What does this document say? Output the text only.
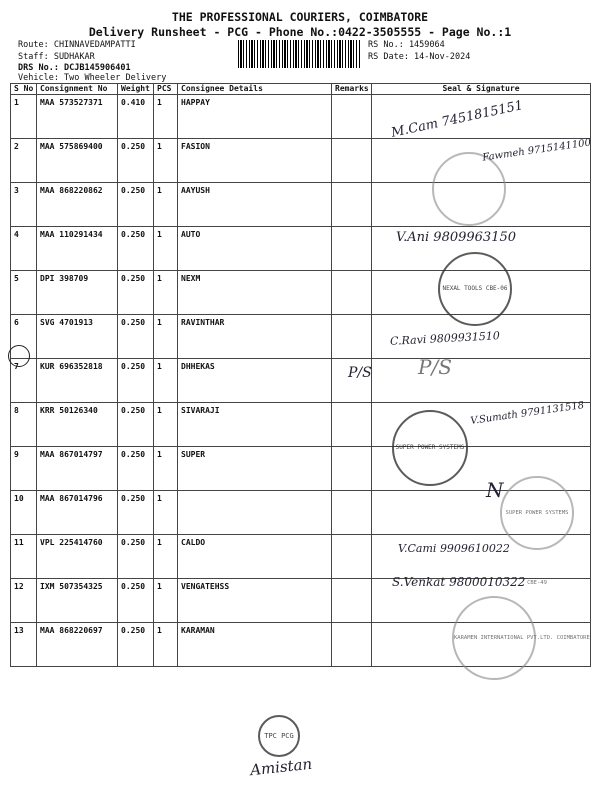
THE PROFESSIONAL COURIERS, COIMBATORE
Delivery Runsheet - PCG - Phone No.:0422-3505555 - Page No.:1
Route: CHINNAVEDAMPATTI
Staff: SUDHAKAR
DRS No.: DCJB145906401
Vehicle: Two Wheeler Delivery
RS No.: 1459064
RS Date: 14-Nov-2024
S No	Consignment No	Weight	PCS	Consignee Details	Remarks	Seal & Signature
1	MAA 573527371	0.410	1	HAPPAY		
2	MAA 575869400	0.250	1	FASION		
3	MAA 868220862	0.250	1	AAYUSH		
4	MAA 110291434	0.250	1	AUTO		
5	DPI 398709	0.250	1	NEXM		
6	SVG 4701913	0.250	1	RAVINTHAR		
7	KUR 696352818	0.250	1	DHHEKAS		
8	KRR 50126340	0.250	1	SIVARAJI		
9	MAA 867014797	0.250	1	SUPER		
10	MAA 867014796	0.250	1			
11	VPL 225414760	0.250	1	CALDO		
12	IXM 507354325	0.250	1	VENGATEHSS		
13	MAA 868220697	0.250	1	KARAMAN		
NEXAL TOOLS CBE-06
SUPER POWER SYSTEMS
SUPER POWER SYSTEMS CBE-49
KARAMEN INTERNATIONAL PVT.LTD. COIMBATORE
TPC PCG
M.Cam 7451815151
Fawmeh 9715141100
V.Ani 9809963150
C.Ravi 9809931510
P/S P/S
V.Sumath 9791131518
N
V.Cami 9909610022
S.Venkat 9800010322
Amistan
